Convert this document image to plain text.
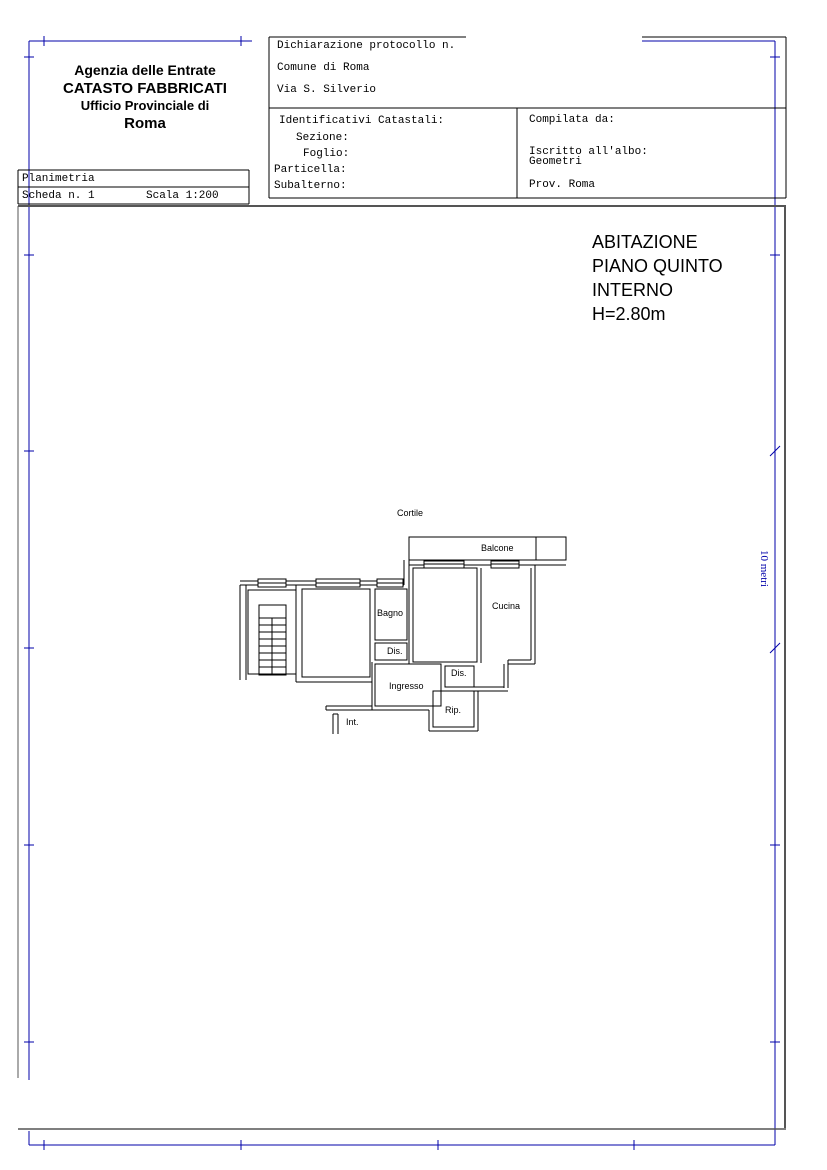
Agenzia delle Entrate
CATASTO FABBRICATI
Ufficio Provinciale di
Roma
Planimetria
Scheda n. 1	Scala 1:200
Dichiarazione protocollo n.
Comune di Roma
Via S. Silverio
Identificativi Catastali:
Sezione:
Foglio:
Particella:
Subalterno:
Compilata da:
Iscritto all'albo:
Geometri
Prov. Roma
ABITAZIONE
PIANO QUINTO
INTERNO
H=2.80m
10 metri
Cortile
Balcone
Bagno
Cucina
Dis.
Dis.
Ingresso
Rip.
Int.
